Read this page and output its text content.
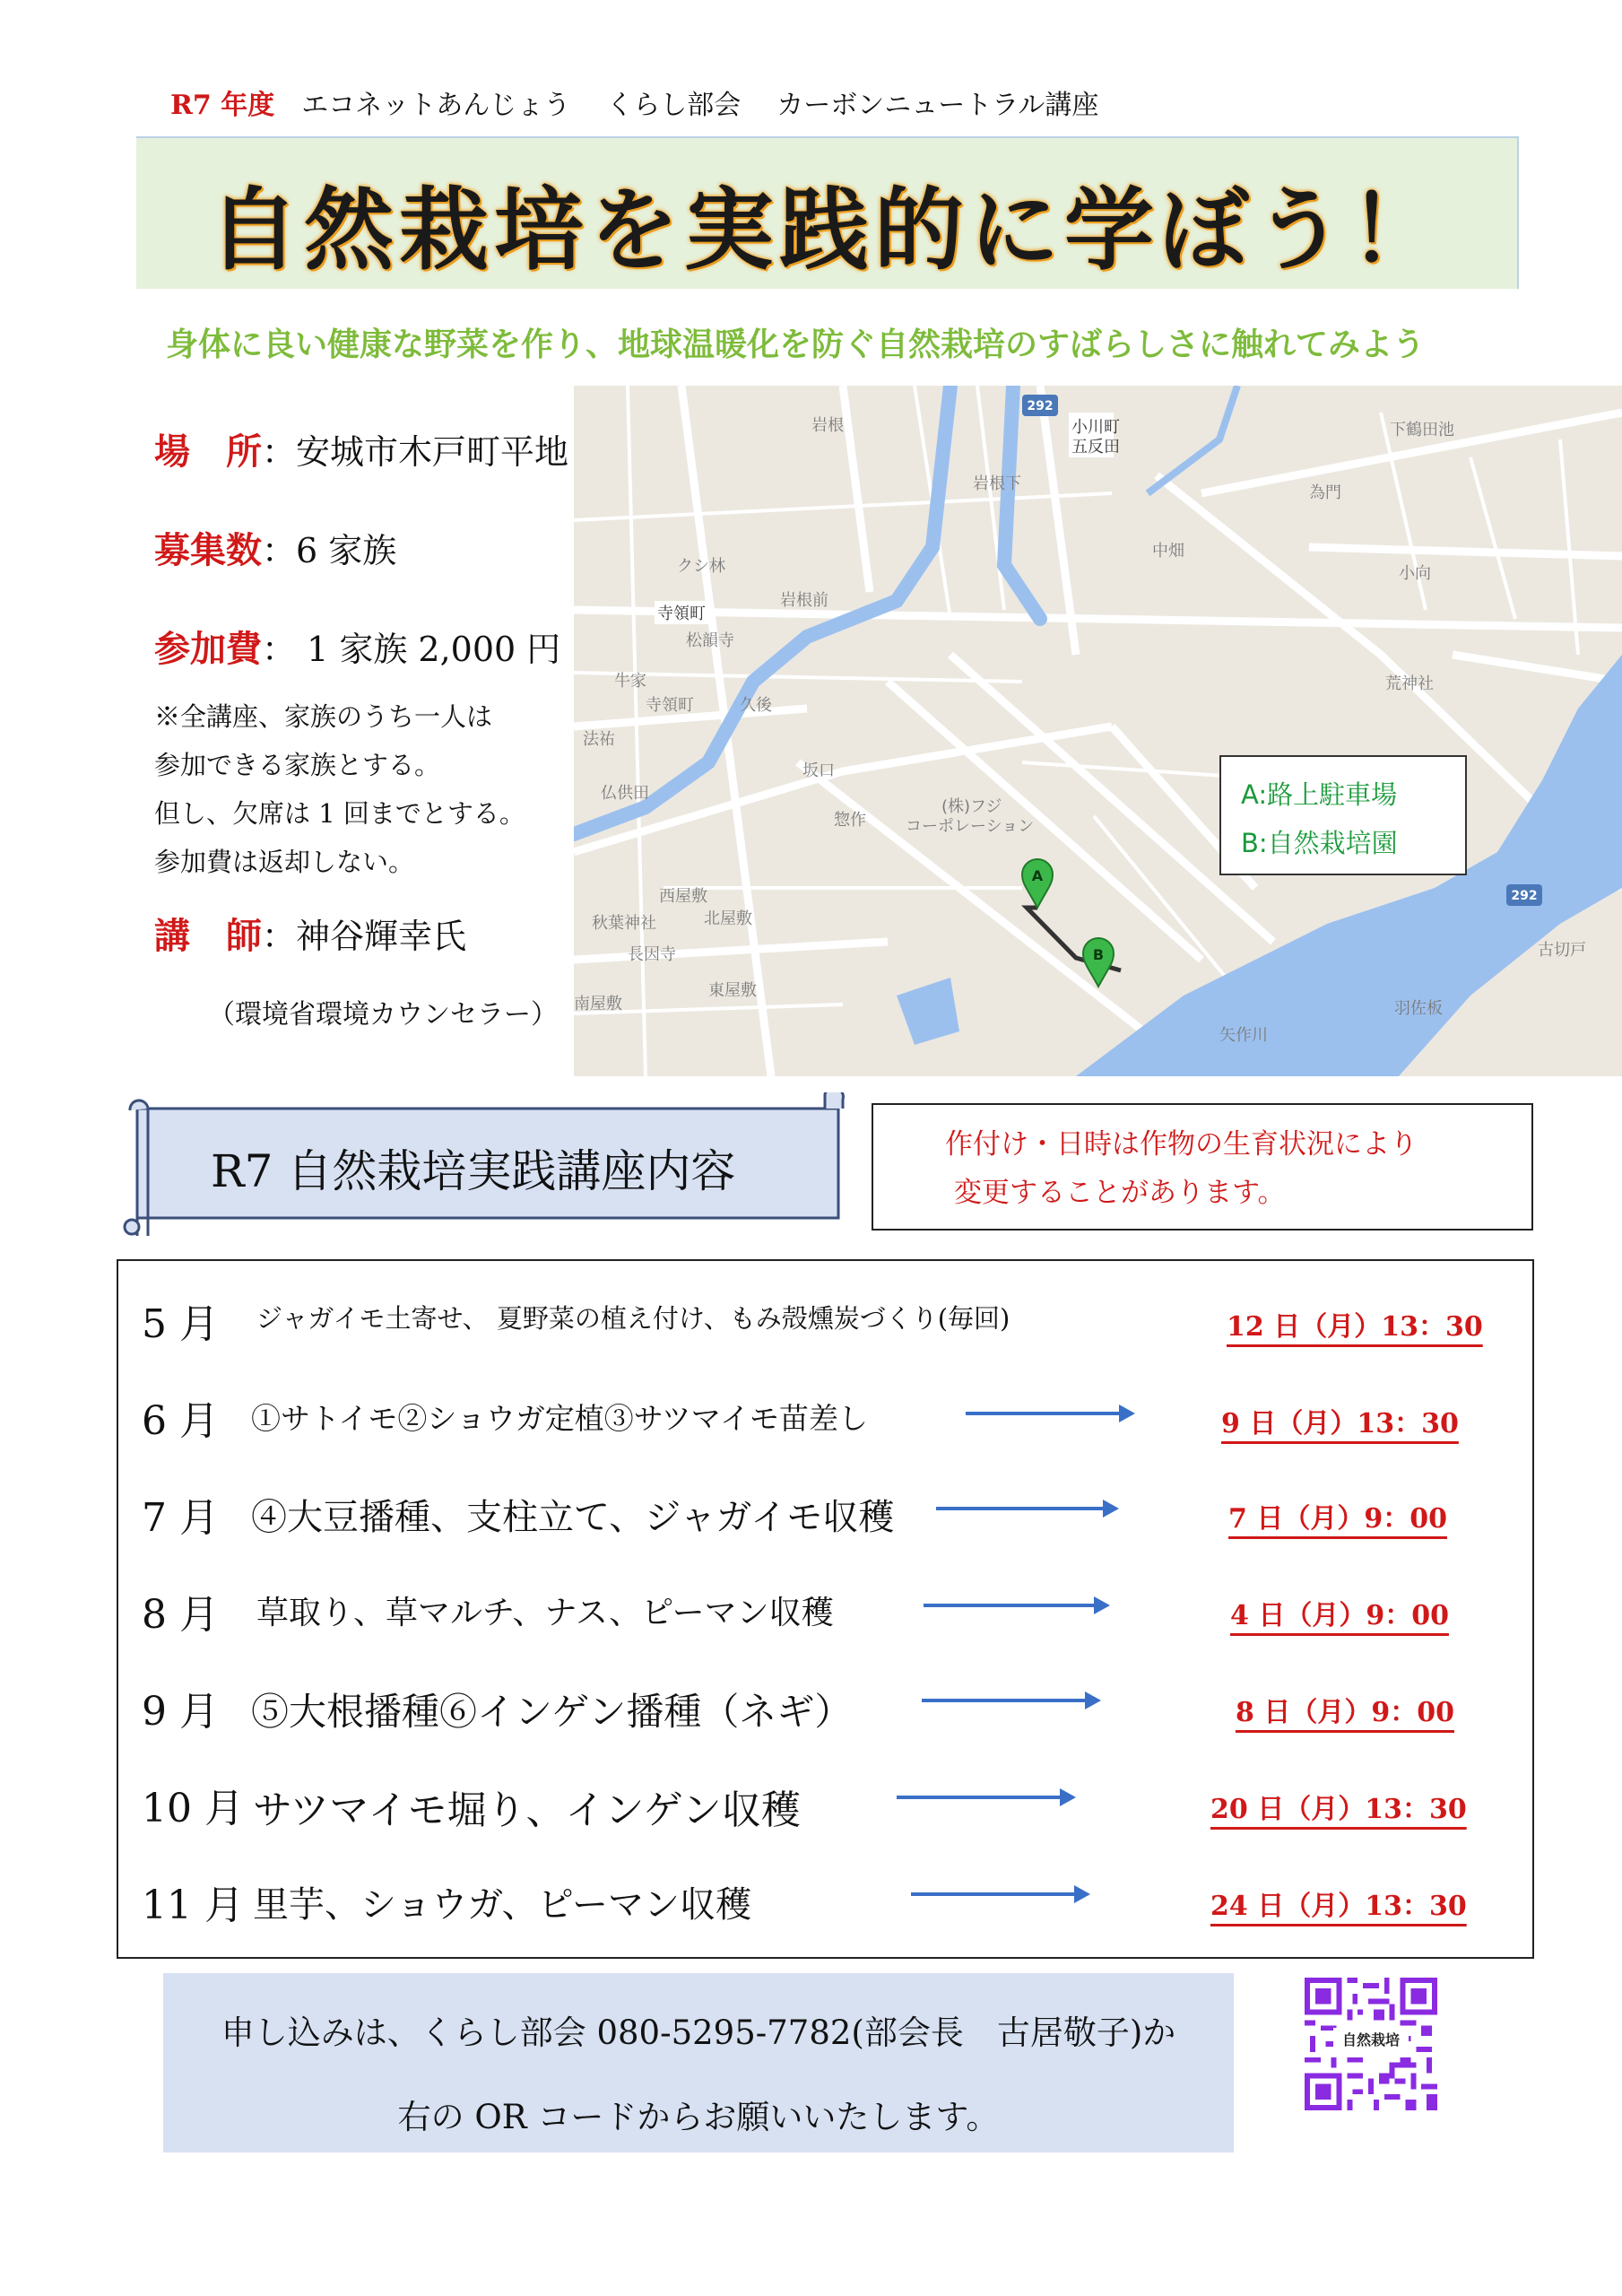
R7 年度 エコネットあんじょう くらし部会 カーボンニュートラル講座
自然栽培を実践的に学ぼう！
身体に良い健康な野菜を作り、地球温暖化を防ぐ自然栽培のすばらしさに触れてみよう
場　所：安城市木戸町平地
募集数：6 家族
参加費： 1 家族 2,000 円
※全講座、家族のうち一人は
参加できる家族とする。
但し、欠席は 1 回までとする。
参加費は返却しない。
講　師：神谷輝幸氏
（環境省環境カウンセラー）
292
292
岩根
岩根下
小川町
五反田
下鶴田池
為門
中畑
小向
クシ林
岩根前
寺領町
松韻寺
荒神社
牛家
寺領町	久後
法祐
坂口
仏供田
惣作
(株)フジ
コーポレーション
西屋敷
秋葉神社	北屋敷
長因寺
東屋敷
南屋敷
矢作川
羽佐板
古切戸
A
B
A:路上駐車場
B:自然栽培園
R7 自然栽培実践講座内容
作付け・日時は作物の生育状況により
変更することがあります。
5 月 ジャガイモ土寄せ、 夏野菜の植え付け、もみ殻燻炭づくり(毎回)	12 日（月）13：30
6 月 ①サトイモ②ショウガ定植③サツマイモ苗差し	9 日（月）13：30
7 月 ④大豆播種、支柱立て、ジャガイモ収穫	7 日（月）9：00
8 月 草取り、草マルチ、ナス、ピーマン収穫	4 日（月）9：00
9 月 ⑤大根播種⑥インゲン播種（ネギ）	8 日（月）9：00
10 月 サツマイモ堀り、インゲン収穫	20 日（月）13：30
11 月 里芋、ショウガ、ピーマン収穫	24 日（月）13：30
申し込みは、くらし部会 080-5295-7782(部会長　古居敬子)か
右の OR コードからお願いいたします。
自然栽培
